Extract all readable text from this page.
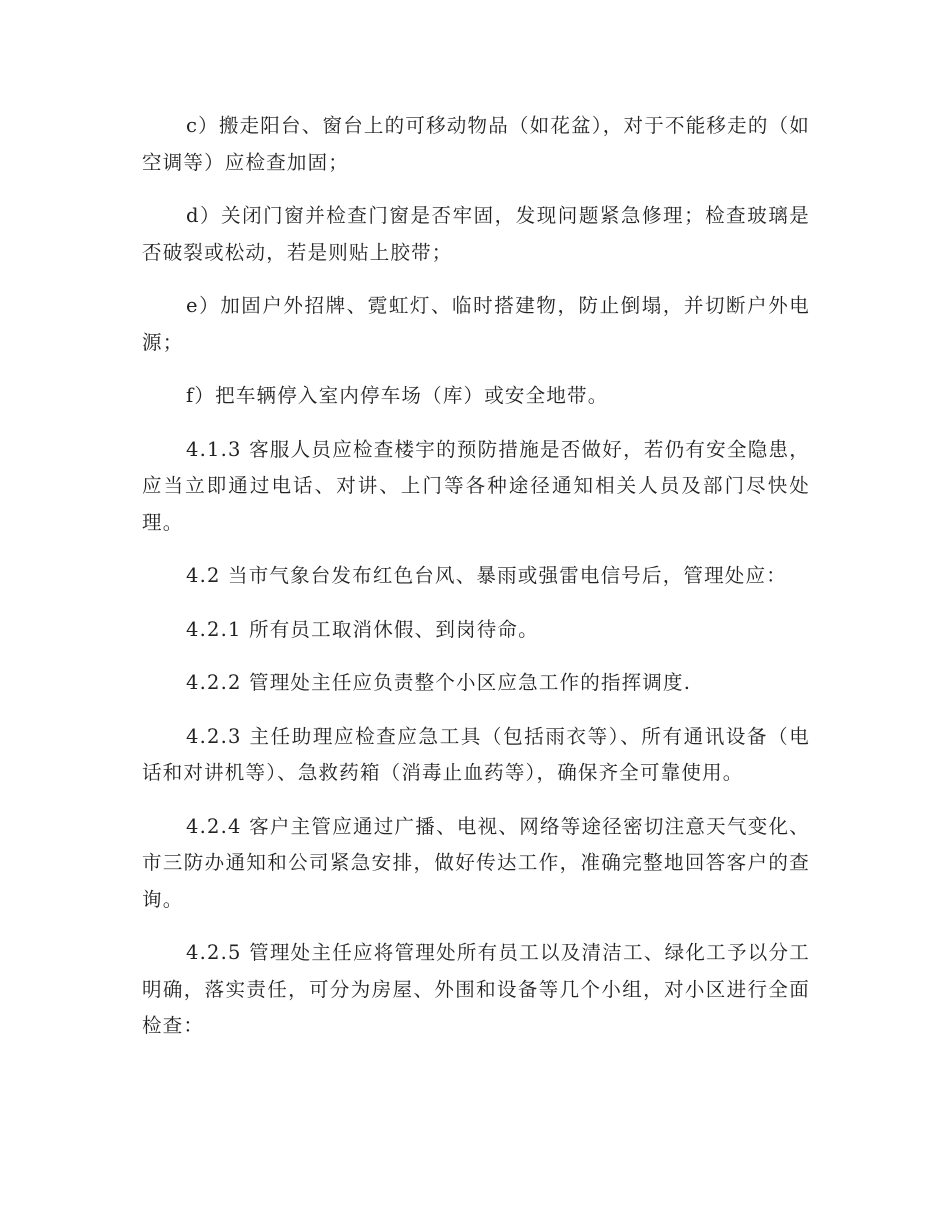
c）搬走阳台、窗台上的可移动物品（如花盆），对于不能移走的（如空调等）应检查加固；

d）关闭门窗并检查门窗是否牢固，发现问题紧急修理；检查玻璃是否破裂或松动，若是则贴上胶带；

e）加固户外招牌、霓虹灯、临时搭建物，防止倒塌，并切断户外电源；

f）把车辆停入室内停车场（库）或安全地带。

4.1.3 客服人员应检查楼宇的预防措施是否做好，若仍有安全隐患，应当立即通过电话、对讲、上门等各种途径通知相关人员及部门尽快处理。

4.2 当市气象台发布红色台风、暴雨或强雷电信号后，管理处应：

4.2.1 所有员工取消休假、到岗待命。

4.2.2 管理处主任应负责整个小区应急工作的指挥调度.

4.2.3 主任助理应检查应急工具（包括雨衣等）、所有通讯设备（电话和对讲机等）、急救药箱（消毒止血药等），确保齐全可靠使用。

4.2.4 客户主管应通过广播、电视、网络等途径密切注意天气变化、市三防办通知和公司紧急安排，做好传达工作，准确完整地回答客户的查询。

4.2.5 管理处主任应将管理处所有员工以及清洁工、绿化工予以分工明确，落实责任，可分为房屋、外围和设备等几个小组，对小区进行全面检查：
